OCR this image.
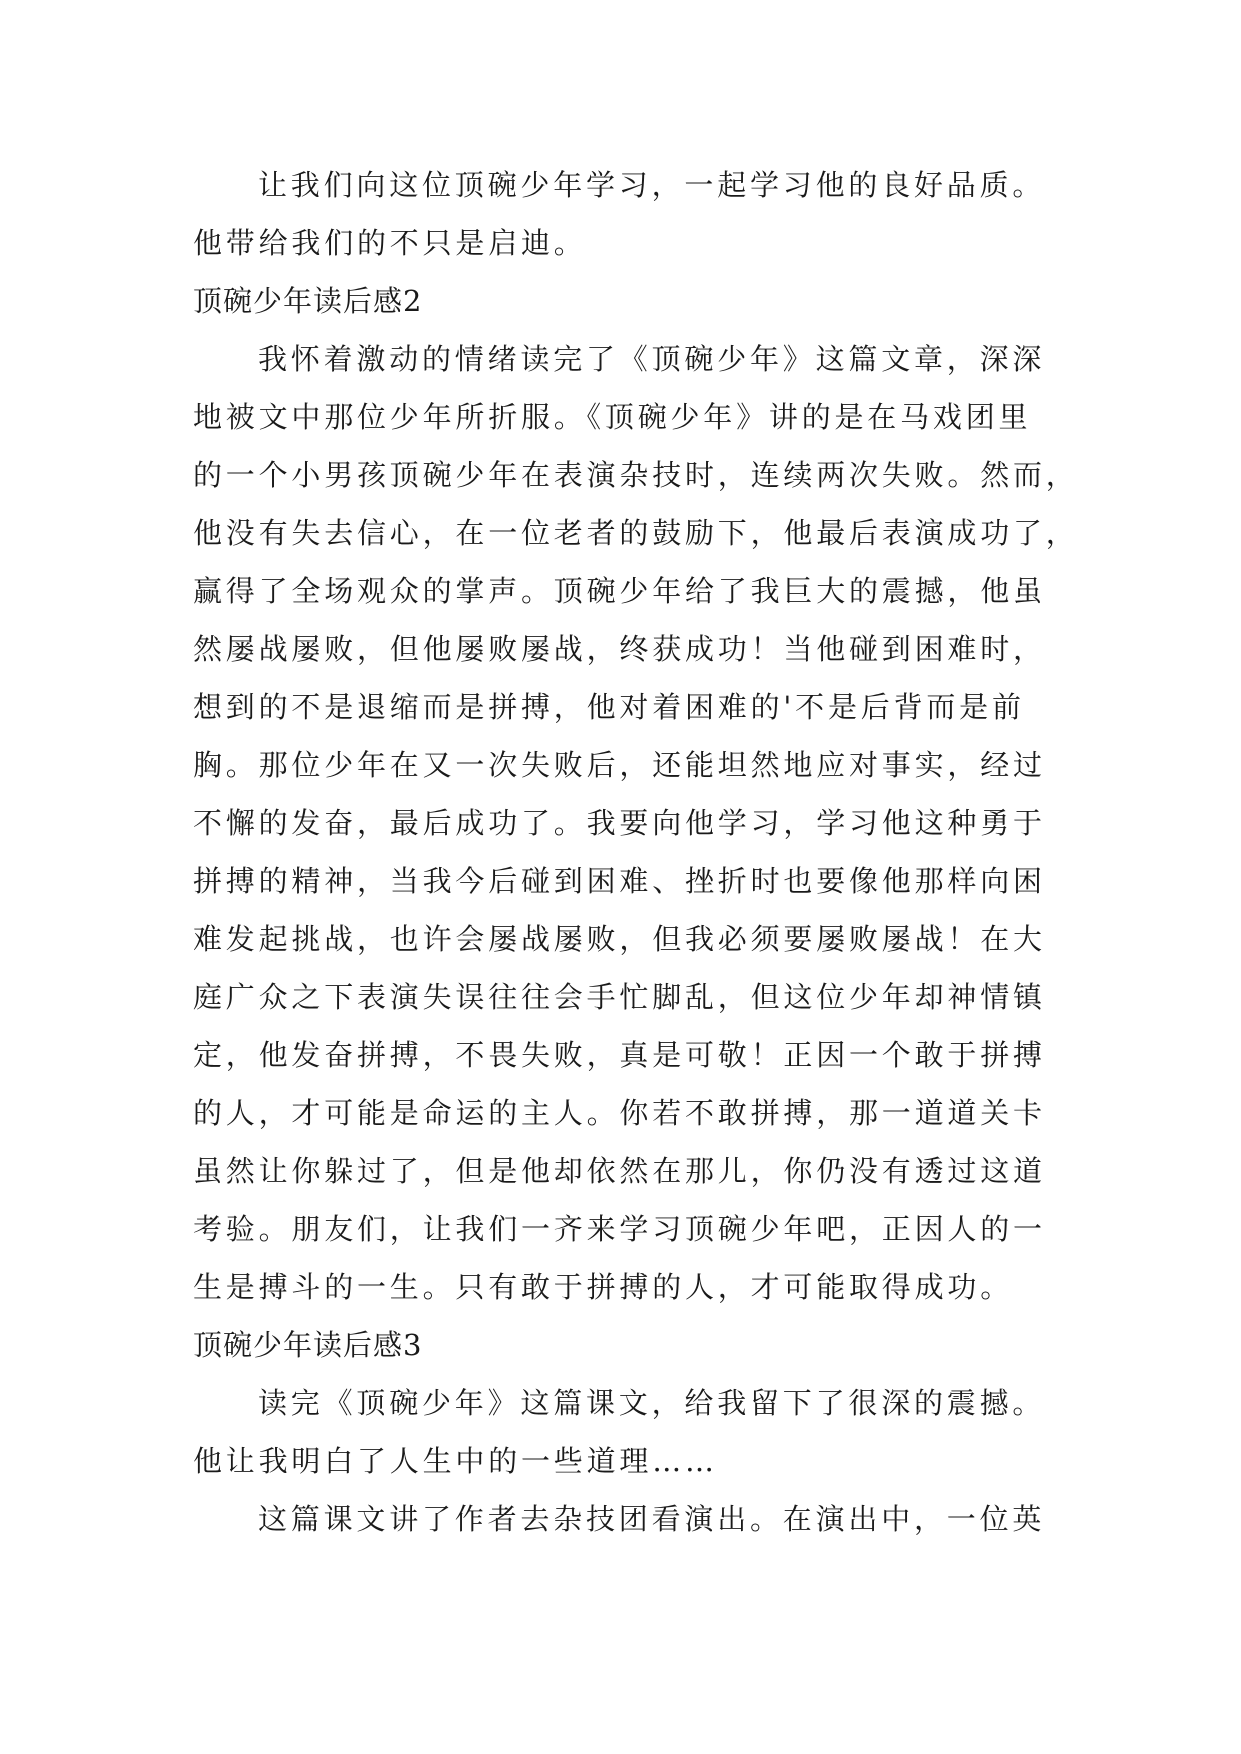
让我们向这位顶碗少年学习，一起学习他的良好品质。
他带给我们的不只是启迪。
顶碗少年读后感2
我怀着激动的情绪读完了《顶碗少年》这篇文章，深深
地被文中那位少年所折服。《顶碗少年》讲的是在马戏团里
的一个小男孩顶碗少年在表演杂技时，连续两次失败。然而，
他没有失去信心，在一位老者的鼓励下，他最后表演成功了，
赢得了全场观众的掌声。顶碗少年给了我巨大的震撼，他虽
然屡战屡败，但他屡败屡战，终获成功！当他碰到困难时，
想到的不是退缩而是拼搏，他对着困难的'不是后背而是前
胸。那位少年在又一次失败后，还能坦然地应对事实，经过
不懈的发奋，最后成功了。我要向他学习，学习他这种勇于
拼搏的精神，当我今后碰到困难、挫折时也要像他那样向困
难发起挑战，也许会屡战屡败，但我必须要屡败屡战！在大
庭广众之下表演失误往往会手忙脚乱，但这位少年却神情镇
定，他发奋拼搏，不畏失败，真是可敬！正因一个敢于拼搏
的人，才可能是命运的主人。你若不敢拼搏，那一道道关卡
虽然让你躲过了，但是他却依然在那儿，你仍没有透过这道
考验。朋友们，让我们一齐来学习顶碗少年吧，正因人的一
生是搏斗的一生。只有敢于拼搏的人，才可能取得成功。
顶碗少年读后感3
读完《顶碗少年》这篇课文，给我留下了很深的震撼。
他让我明白了人生中的一些道理……
这篇课文讲了作者去杂技团看演出。在演出中，一位英
